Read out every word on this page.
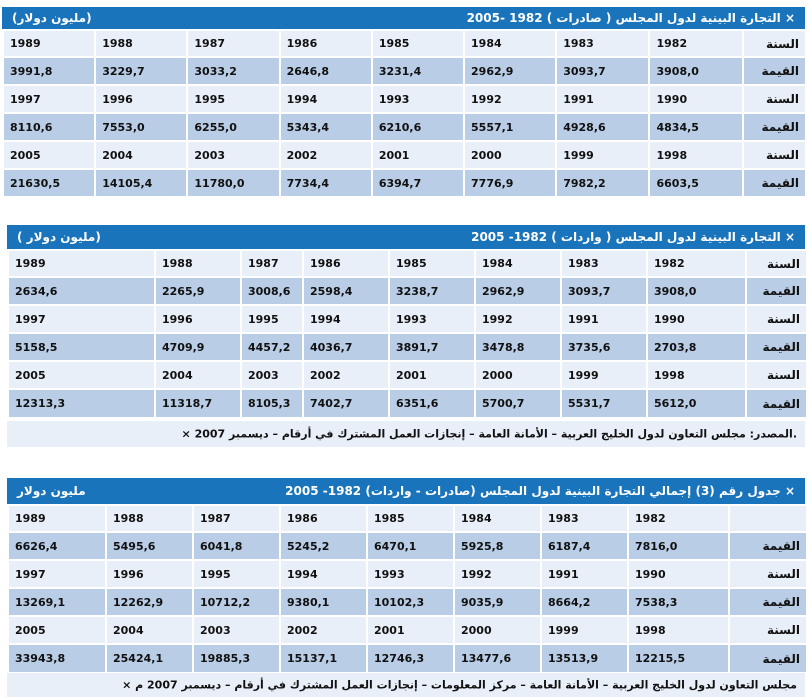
التجارة البينية لدول المجلس ( صادرات ) 1982 -2005 ×
(مليون دولار)
1989	1988	1987	1986	1985	1984	1983	1982	السنة
3991,8	3229,7	3033,2	2646,8	3231,4	2962,9	3093,7	3908,0	القيمة
1997	1996	1995	1994	1993	1992	1991	1990	السنة
8110,6	7553,0	6255,0	5343,4	6210,6	5557,1	4928,6	4834,5	القيمة
2005	2004	2003	2002	2001	2000	1999	1998	السنة
21630,5	14105,4	11780,0	7734,4	6394,7	7776,9	7982,2	6603,5	القيمة
التجارة البينية لدول المجلس ( واردات ) 1982- 2005 ×
( مليون دولار)
1989	1988	1987	1986	1985	1984	1983	1982	السنة
2634,6	2265,9	3008,6	2598,4	3238,7	2962,9	3093,7	3908,0	القيمة
1997	1996	1995	1994	1993	1992	1991	1990	السنة
5158,5	4709,9	4457,2	4036,7	3891,7	3478,8	3735,6	2703,8	القيمة
2005	2004	2003	2002	2001	2000	1999	1998	السنة
12313,3	11318,7	8105,3	7402,7	6351,6	5700,7	5531,7	5612,0	القيمة
× المصدر: مجلس التعاون لدول الخليج العربية – الأمانة العامة – إنجازات العمل المشترك في أرقام – ديسمبر 2007.
جدول رقم (3) إجمالي التجارة البينية لدول المجلس (صادرات - واردات) 1982- 2005 ×
مليون دولار
1989	1988	1987	1986	1985	1984	1983	1982	
6626,4	5495,6	6041,8	5245,2	6470,1	5925,8	6187,4	7816,0	القيمة
1997	1996	1995	1994	1993	1992	1991	1990	السنة
13269,1	12262,9	10712,2	9380,1	10102,3	9035,9	8664,2	7538,3	القيمة
2005	2004	2003	2002	2001	2000	1999	1998	السنة
33943,8	25424,1	19885,3	15137,1	12746,3	13477,6	13513,9	12215,5	القيمة
× مجلس التعاون لدول الخليج العربية – الأمانة العامة – مركز المعلومات – إنجازات العمل المشترك في أرقام – ديسمبر 2007 م
